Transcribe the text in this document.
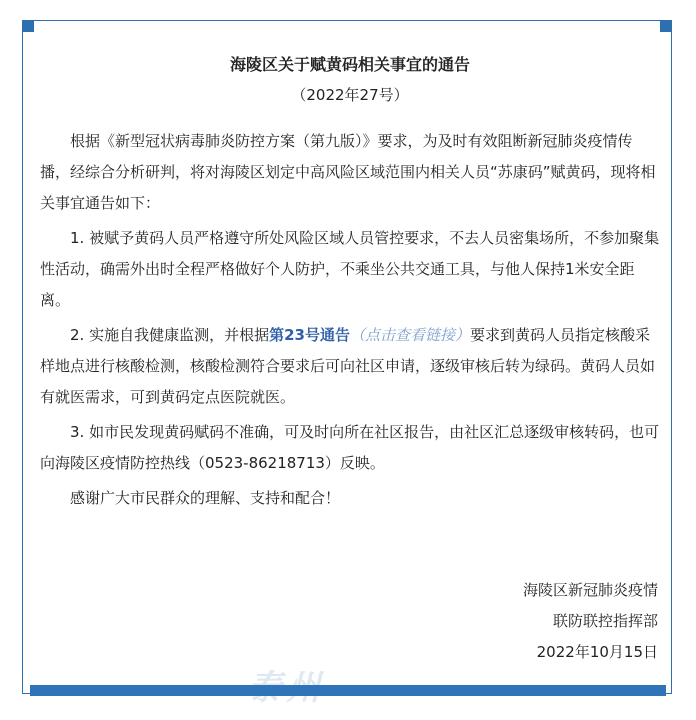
海陵区关于赋黄码相关事宜的通告

（2022年27号）

根据《新型冠状病毒肺炎防控方案（第九版）》要求，为及时有效阻断新冠肺炎疫情传播，经综合分析研判，将对海陵区划定中高风险区域范围内相关人员“苏康码”赋黄码，现将相关事宜通告如下：

1. 被赋予黄码人员严格遵守所处风险区域人员管控要求，不去人员密集场所，不参加聚集性活动，确需外出时全程严格做好个人防护，不乘坐公共交通工具，与他人保持1米安全距离。

2. 实施自我健康监测，并根据第23号通告（点击查看链接）要求到黄码人员指定核酸采样地点进行核酸检测，核酸检测符合要求后可向社区申请，逐级审核后转为绿码。黄码人员如有就医需求，可到黄码定点医院就医。

3. 如市民发现黄码赋码不准确，可及时向所在社区报告，由社区汇总逐级审核转码，也可向海陵区疫情防控热线（0523-86218713）反映。

感谢广大市民群众的理解、支持和配合！

海陵区新冠肺炎疫情
联防联控指挥部
2022年10月15日
